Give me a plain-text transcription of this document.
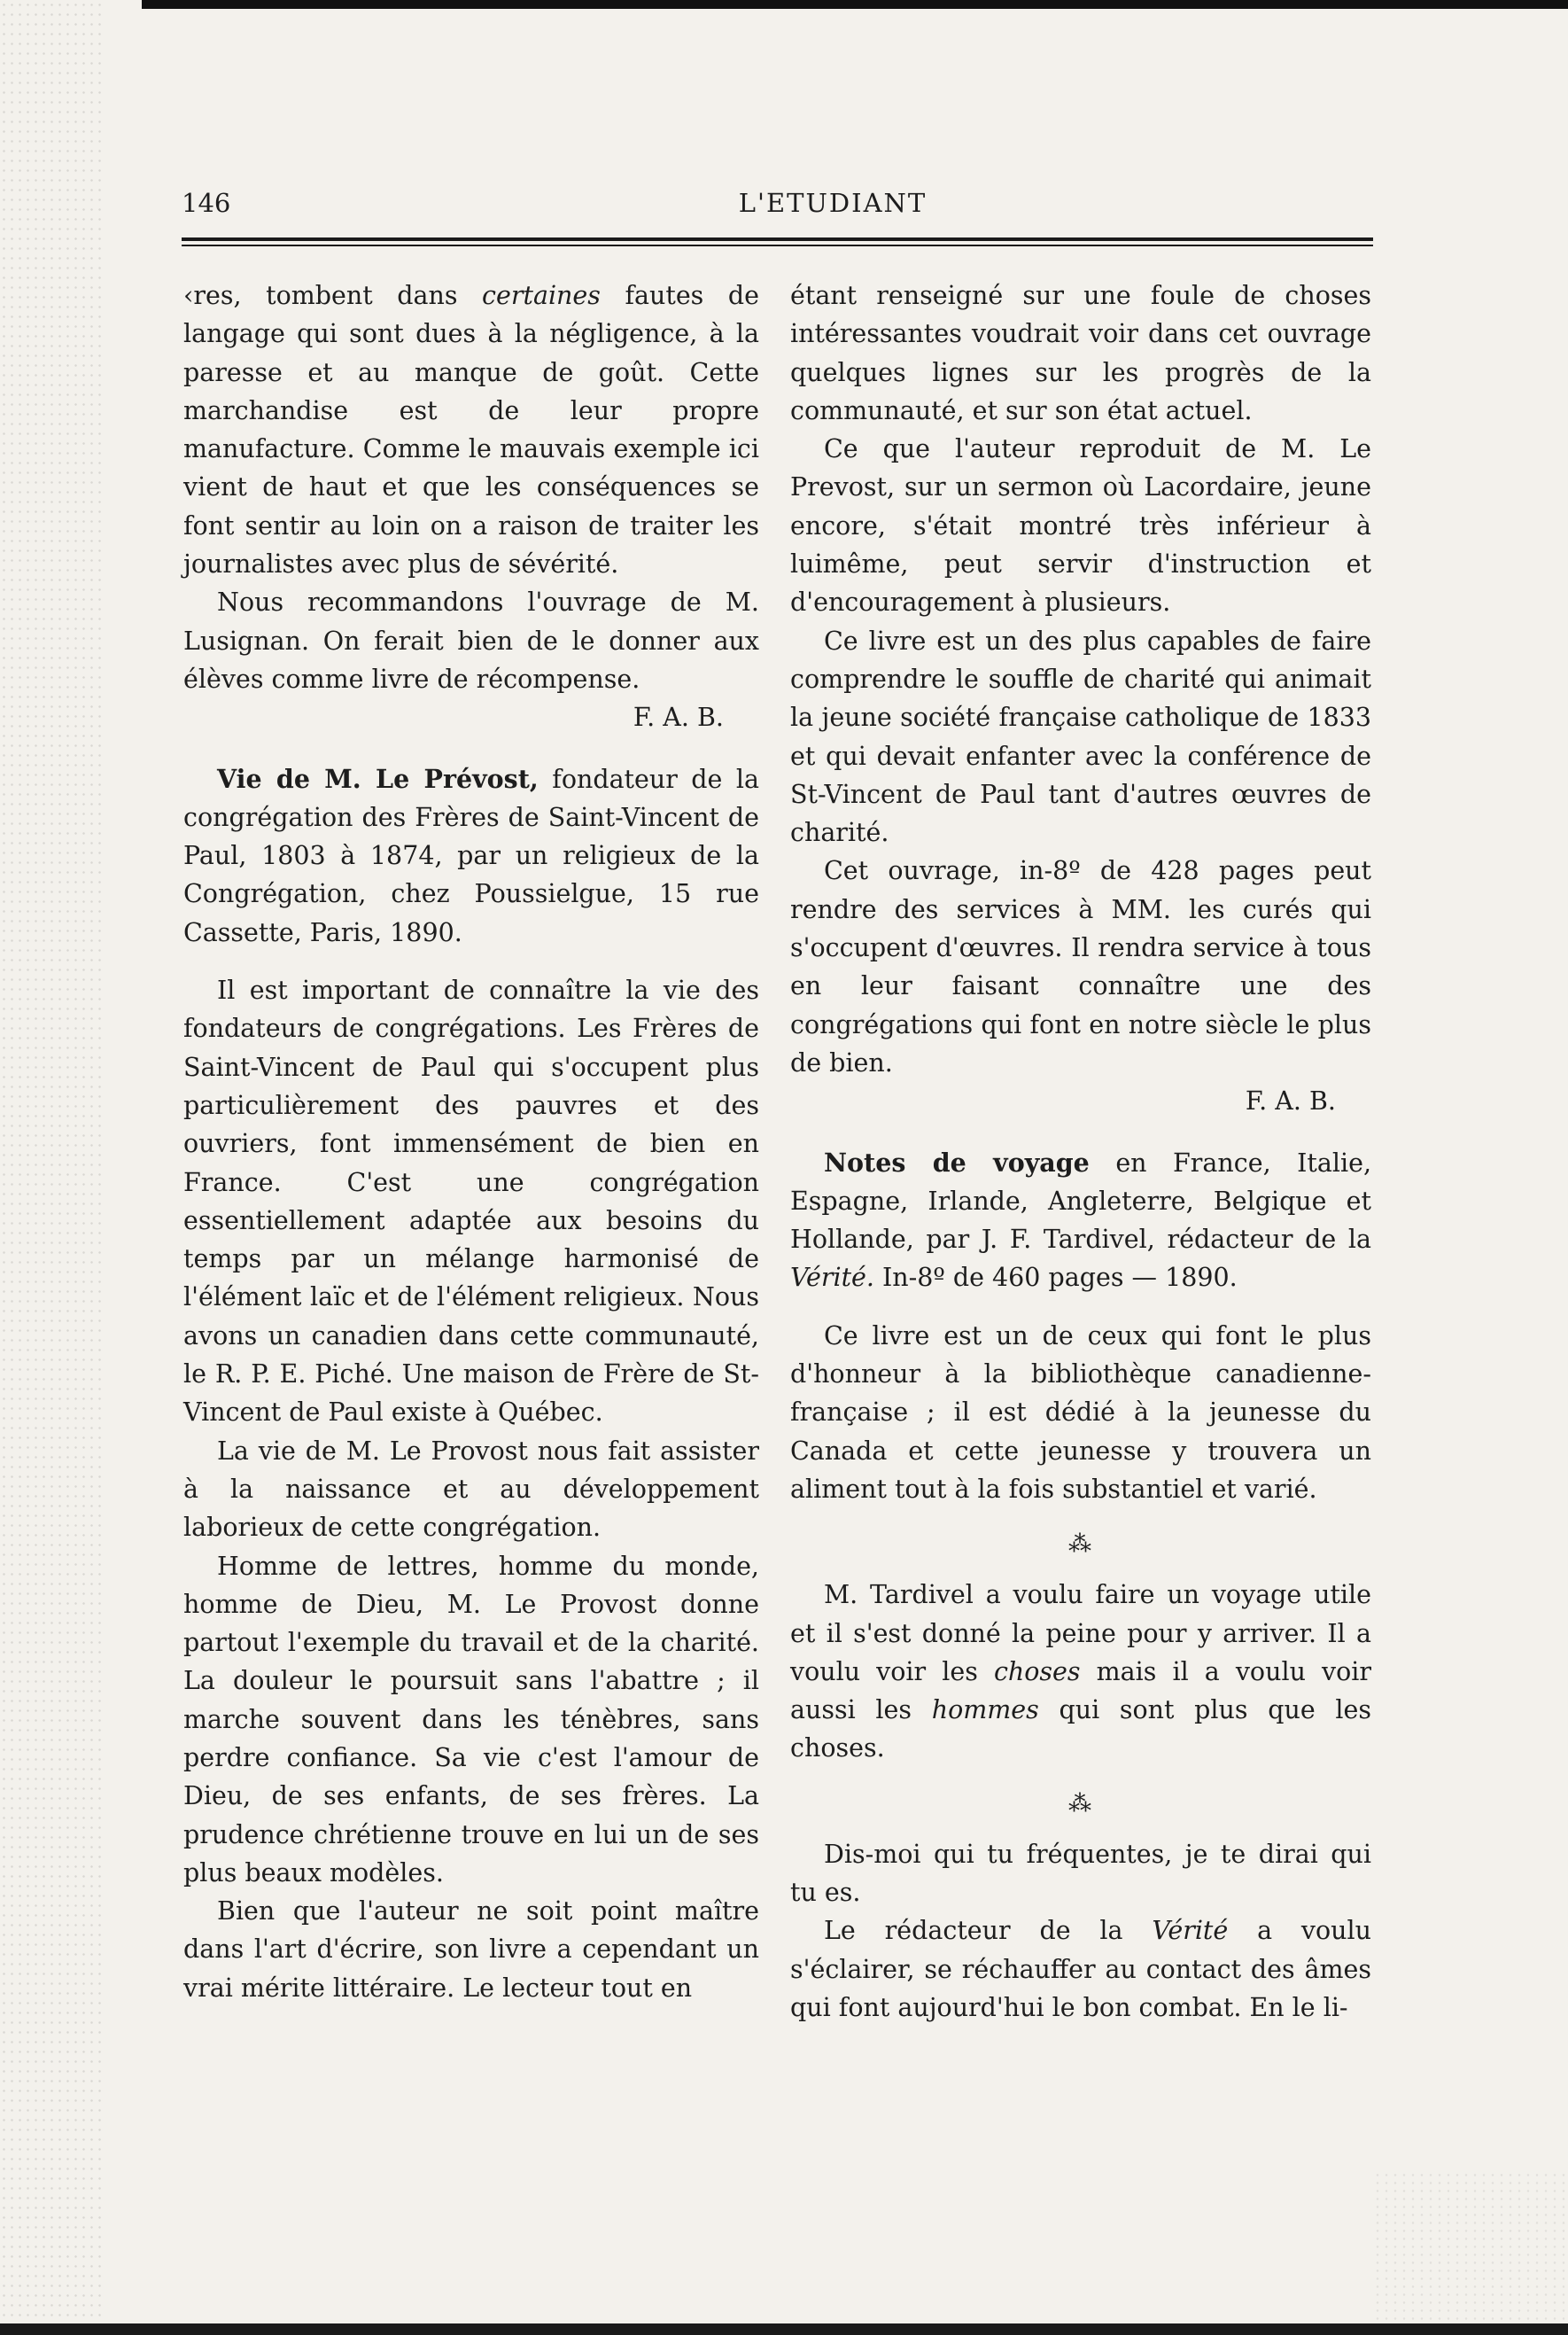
146	L'ETUDIANT

‹res, tombent dans certaines fautes de langage qui sont dues à la négligence, à la paresse et au manque de goût. Cette marchandise est de leur propre manufacture. Comme le mauvais exemple ici vient de haut et que les conséquences se font sentir au loin on a raison de traiter les journalistes avec plus de sévérité.

Nous recommandons l'ouvrage de M. Lusignan. On ferait bien de le donner aux élèves comme livre de récompense.

F. A. B.

Vie de M. Le Prévost, fondateur de la congrégation des Frères de Saint-Vincent de Paul, 1803 à 1874, par un religieux de la Congrégation, chez Poussielgue, 15 rue Cassette, Paris, 1890.

Il est important de connaître la vie des fondateurs de congrégations. Les Frères de Saint-Vincent de Paul qui s'occupent plus particulièrement des pauvres et des ouvriers, font immensément de bien en France. C'est une congrégation essentiellement adaptée aux besoins du temps par un mélange harmonisé de l'élément laïc et de l'élément religieux. Nous avons un canadien dans cette communauté, le R. P. E. Piché. Une maison de Frère de St-Vincent de Paul existe à Québec.

La vie de M. Le Provost nous fait assister à la naissance et au développement laborieux de cette congrégation.

Homme de lettres, homme du monde, homme de Dieu, M. Le Provost donne partout l'exemple du travail et de la charité. La douleur le poursuit sans l'abattre ; il marche souvent dans les ténèbres, sans perdre confiance. Sa vie c'est l'amour de Dieu, de ses enfants, de ses frères. La prudence chrétienne trouve en lui un de ses plus beaux modèles.

Bien que l'auteur ne soit point maître dans l'art d'écrire, son livre a cependant un vrai mérite littéraire. Le lecteur tout en

étant renseigné sur une foule de choses intéressantes voudrait voir dans cet ouvrage quelques lignes sur les progrès de la communauté, et sur son état actuel.

Ce que l'auteur reproduit de M. Le Prevost, sur un sermon où Lacordaire, jeune encore, s'était montré très inférieur à luimême, peut servir d'instruction et d'encouragement à plusieurs.

Ce livre est un des plus capables de faire comprendre le souffle de charité qui animait la jeune société française catholique de 1833 et qui devait enfanter avec la conférence de St-Vincent de Paul tant d'autres œuvres de charité.

Cet ouvrage, in-8º de 428 pages peut rendre des services à MM. les curés qui s'occupent d'œuvres. Il rendra service à tous en leur faisant connaître une des congrégations qui font en notre siècle le plus de bien.

F. A. B.

Notes de voyage en France, Italie, Espagne, Irlande, Angleterre, Belgique et Hollande, par J. F. Tardivel, rédacteur de la Vérité. In-8º de 460 pages — 1890.

Ce livre est un de ceux qui font le plus d'honneur à la bibliothèque canadienne-française ; il est dédié à la jeunesse du Canada et cette jeunesse y trouvera un aliment tout à la fois substantiel et varié.

⁂

M. Tardivel a voulu faire un voyage utile et il s'est donné la peine pour y arriver. Il a voulu voir les choses mais il a voulu voir aussi les hommes qui sont plus que les choses.

⁂

Dis-moi qui tu fréquentes, je te dirai qui tu es.

Le rédacteur de la Vérité a voulu s'éclairer, se réchauffer au contact des âmes qui font aujourd'hui le bon combat. En le li-
